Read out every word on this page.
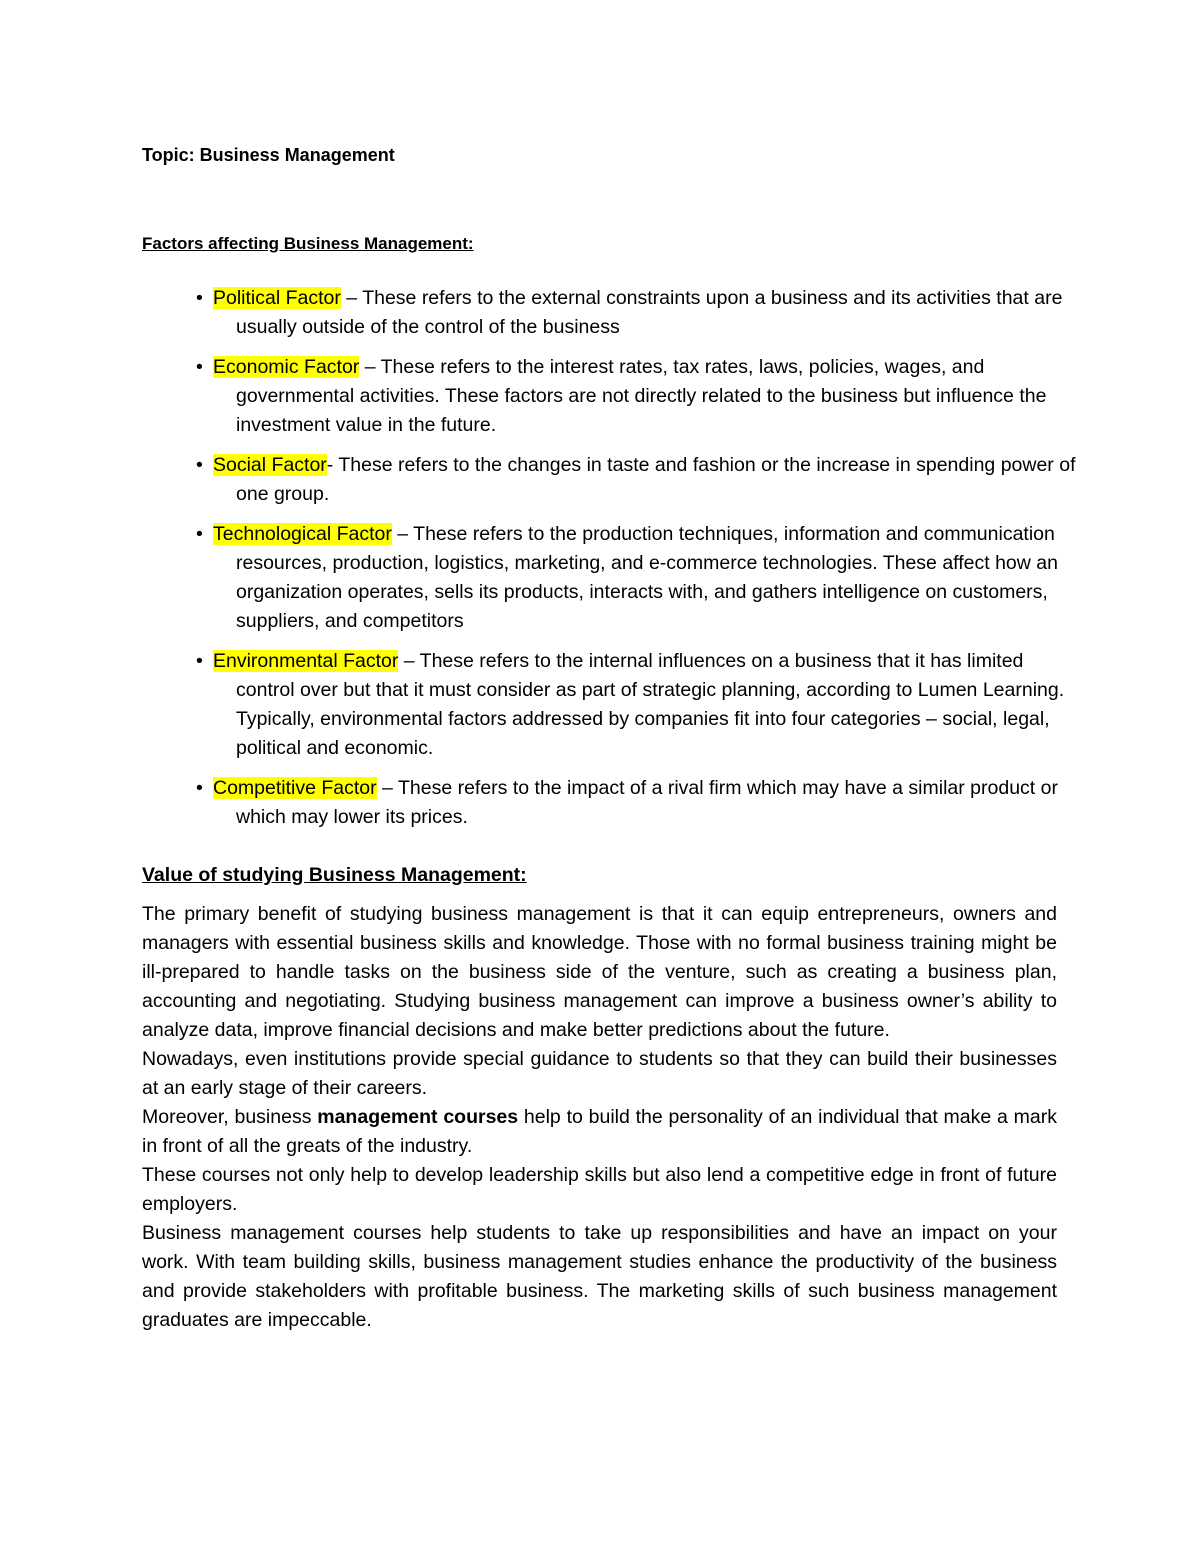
Topic: Business Management

Factors affecting Business Management:

• Political Factor – These refers to the external constraints upon a business and its activities that are usually outside of the control of the business
• Economic Factor – These refers to the interest rates, tax rates, laws, policies, wages, and governmental activities. These factors are not directly related to the business but influence the investment value in the future.
• Social Factor- These refers to the changes in taste and fashion or the increase in spending power of one group.
• Technological Factor – These refers to the production techniques, information and communication resources, production, logistics, marketing, and e-commerce technologies. These affect how an organization operates, sells its products, interacts with, and gathers intelligence on customers, suppliers, and competitors
• Environmental Factor – These refers to the internal influences on a business that it has limited control over but that it must consider as part of strategic planning, according to Lumen Learning. Typically, environmental factors addressed by companies fit into four categories – social, legal, political and economic.
• Competitive Factor – These refers to the impact of a rival firm which may have a similar product or which may lower its prices.

Value of studying Business Management:

The primary benefit of studying business management is that it can equip entrepreneurs, owners and managers with essential business skills and knowledge. Those with no formal business training might be ill-prepared to handle tasks on the business side of the venture, such as creating a business plan, accounting and negotiating. Studying business management can improve a business owner’s ability to analyze data, improve financial decisions and make better predictions about the future.

Nowadays, even institutions provide special guidance to students so that they can build their businesses at an early stage of their careers.

Moreover, business management courses help to build the personality of an individual that make a mark in front of all the greats of the industry.

These courses not only help to develop leadership skills but also lend a competitive edge in front of future employers.

Business management courses help students to take up responsibilities and have an impact on your work. With team building skills, business management studies enhance the productivity of the business and provide stakeholders with profitable business. The marketing skills of such business management graduates are impeccable.
